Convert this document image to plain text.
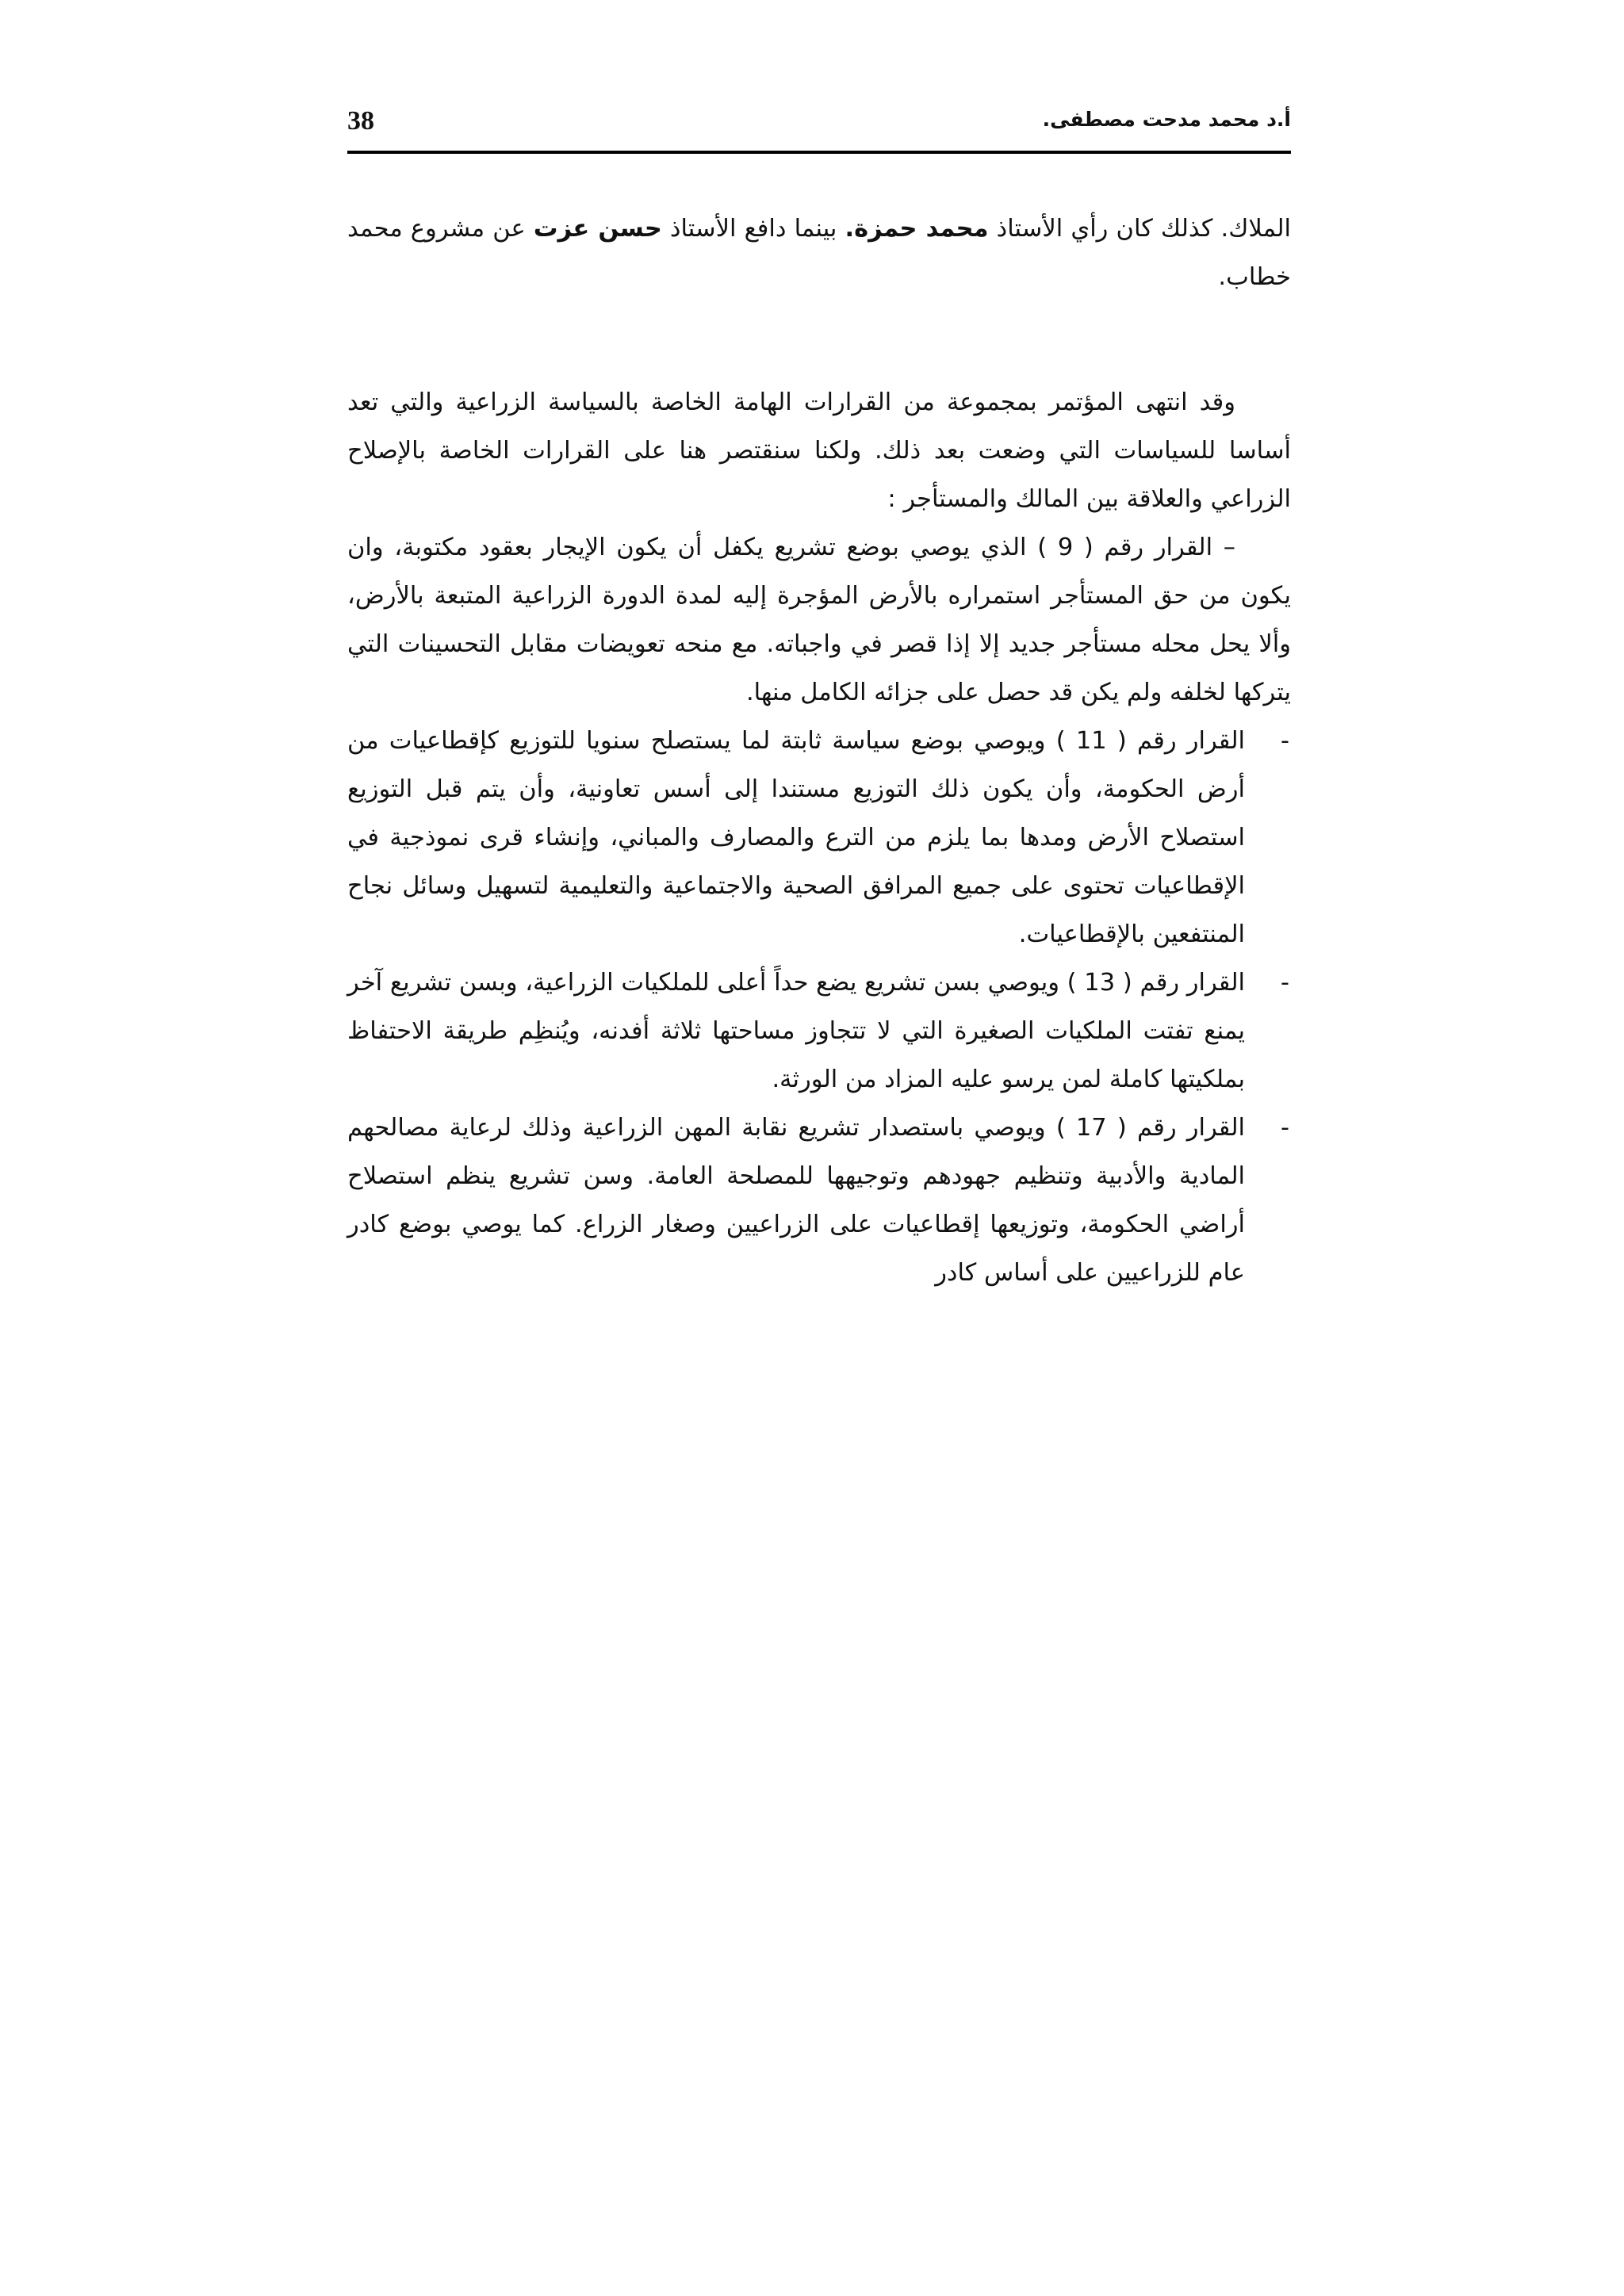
38	أ.د محمد مدحت مصطفى.

الملاك. كذلك كان رأي الأستاذ محمد حمزة. بينما دافع الأستاذ حسن عزت عن مشروع محمد خطاب.

وقد انتهى المؤتمر بمجموعة من القرارات الهامة الخاصة بالسياسة الزراعية والتي تعد أساسا للسياسات التي وضعت بعد ذلك. ولكنا سنقتصر هنا على القرارات الخاصة بالإصلاح الزراعي والعلاقة بين المالك والمستأجر :

– القرار رقم ( 9 ) الذي يوصي بوضع تشريع يكفل أن يكون الإيجار بعقود مكتوبة، وان يكون من حق المستأجر استمراره بالأرض المؤجرة إليه لمدة الدورة الزراعية المتبعة بالأرض، وألا يحل محله مستأجر جديد إلا إذا قصر في واجباته. مع منحه تعويضات مقابل التحسينات التي يتركها لخلفه ولم يكن قد حصل على جزائه الكامل منها.

-
القرار رقم ( 11 ) ويوصي بوضع سياسة ثابتة لما يستصلح سنويا للتوزيع كإقطاعيات من أرض الحكومة، وأن يكون ذلك التوزيع مستندا إلى أسس تعاونية، وأن يتم قبل التوزيع استصلاح الأرض ومدها بما يلزم من الترع والمصارف والمباني، وإنشاء قرى نموذجية في الإقطاعيات تحتوى على جميع المرافق الصحية والاجتماعية والتعليمية لتسهيل وسائل نجاح المنتفعين بالإقطاعيات.

-
القرار رقم ( 13 ) ويوصي بسن تشريع يضع حداً أعلى للملكيات الزراعية، وبسن تشريع آخر يمنع تفتت الملكيات الصغيرة التي لا تتجاوز مساحتها ثلاثة أفدنه، ويُنظِم طريقة الاحتفاظ بملكيتها كاملة لمن يرسو عليه المزاد من الورثة.

-
القرار رقم ( 17 ) ويوصي باستصدار تشريع نقابة المهن الزراعية وذلك لرعاية مصالحهم المادية والأدبية وتنظيم جهودهم وتوجيهها للمصلحة العامة. وسن تشريع ينظم استصلاح أراضي الحكومة، وتوزيعها إقطاعيات على الزراعيين وصغار الزراع. كما يوصي بوضع كادر عام للزراعيين على أساس كادر
